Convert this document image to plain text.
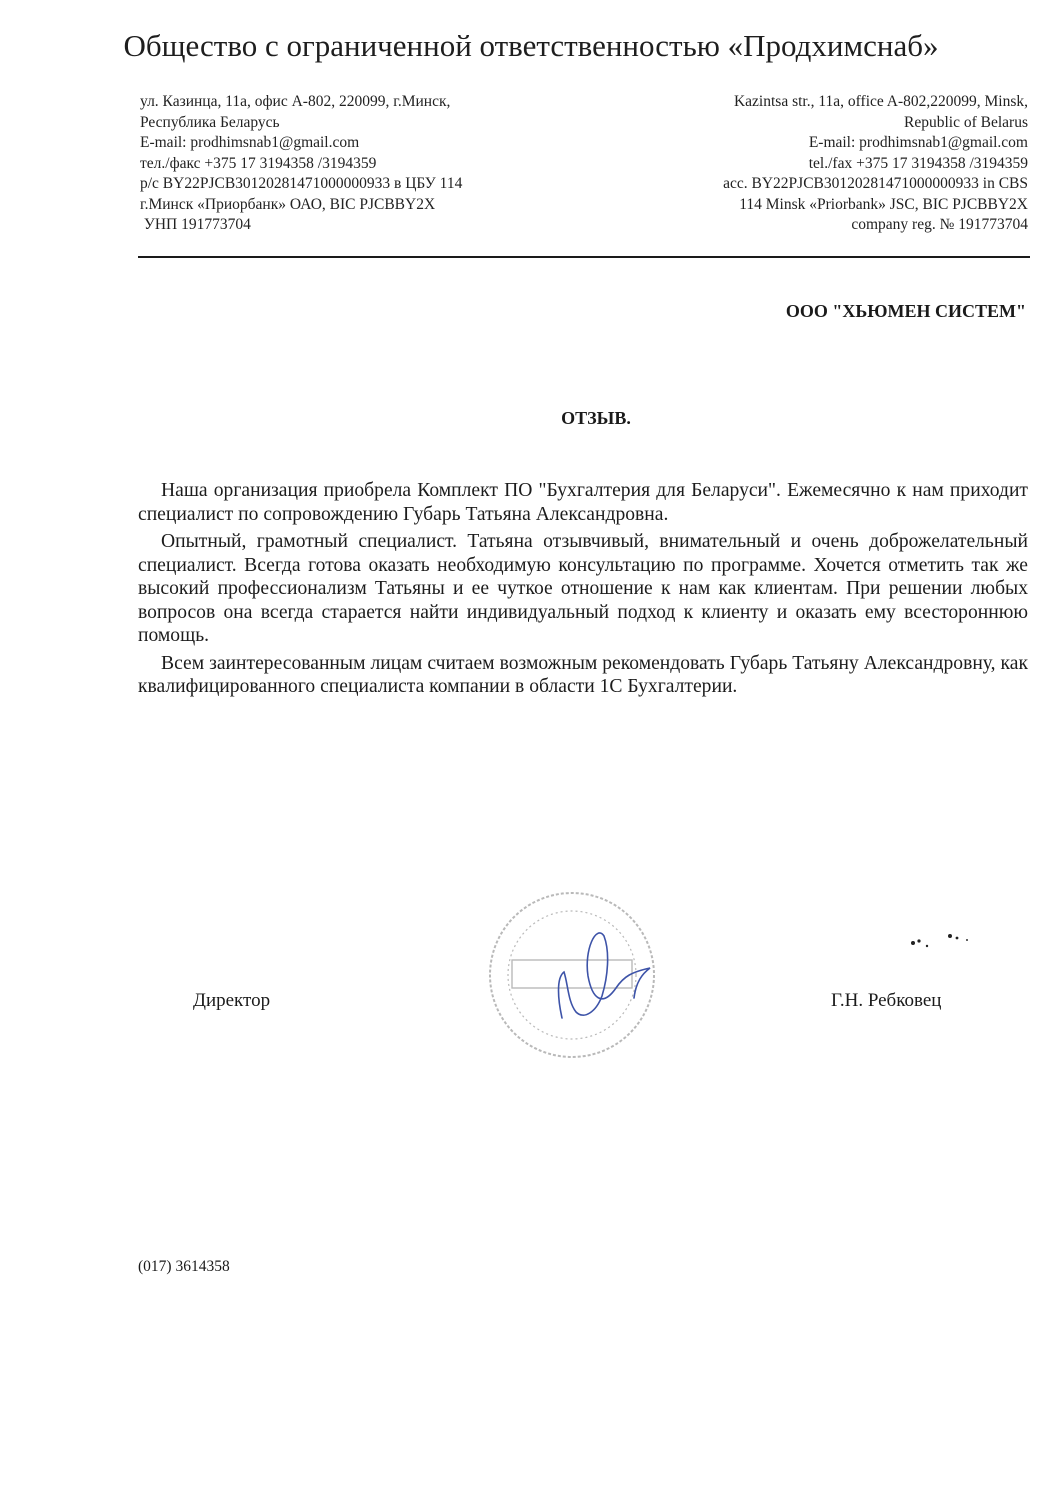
Общество с ограниченной ответственностью «Продхимснаб»
ул. Казинца, 11а, офис А-802, 220099, г.Минск,
Республика Беларусь
E-mail: prodhimsnab1@gmail.com
тел./факс +375 17 3194358 /3194359
р/с BY22PJCB30120281471000000933 в ЦБУ 114
г.Минск «Приорбанк» ОАО, BIC PJCBBY2X
УНП 191773704
Kazintsa str., 11a, office A-802,220099, Minsk,
Republic of Belarus
E-mail: prodhimsnab1@gmail.com
tel./fax +375 17 3194358 /3194359
acc. BY22PJCB30120281471000000933 in CBS
114 Minsk «Priorbank» JSC, BIC PJCBBY2X
company reg. № 191773704
ООО "ХЬЮМЕН СИСТЕМ"
ОТЗЫВ.

Наша организация приобрела Комплект ПО "Бухгалтерия для Беларуси". Ежемесячно к нам приходит специалист по сопровождению Губарь Татьяна Александровна.

Опытный, грамотный специалист. Татьяна отзывчивый, внимательный и очень доброжелательный специалист. Всегда готова оказать необходимую консультацию по программе. Хочется отметить так же высокий профессионализм Татьяны и ее чуткое отношение к нам как клиентам. При решении любых вопросов она всегда старается найти индивидуальный подход к клиенту и оказать ему всестороннюю помощь.

Всем заинтересованным лицам считаем возможным рекомендовать Губарь Татьяну Александровну, как квалифицированного специалиста компании в области 1С Бухгалтерии.

Директор	Г.Н. Ребковец
(017) 3614358
